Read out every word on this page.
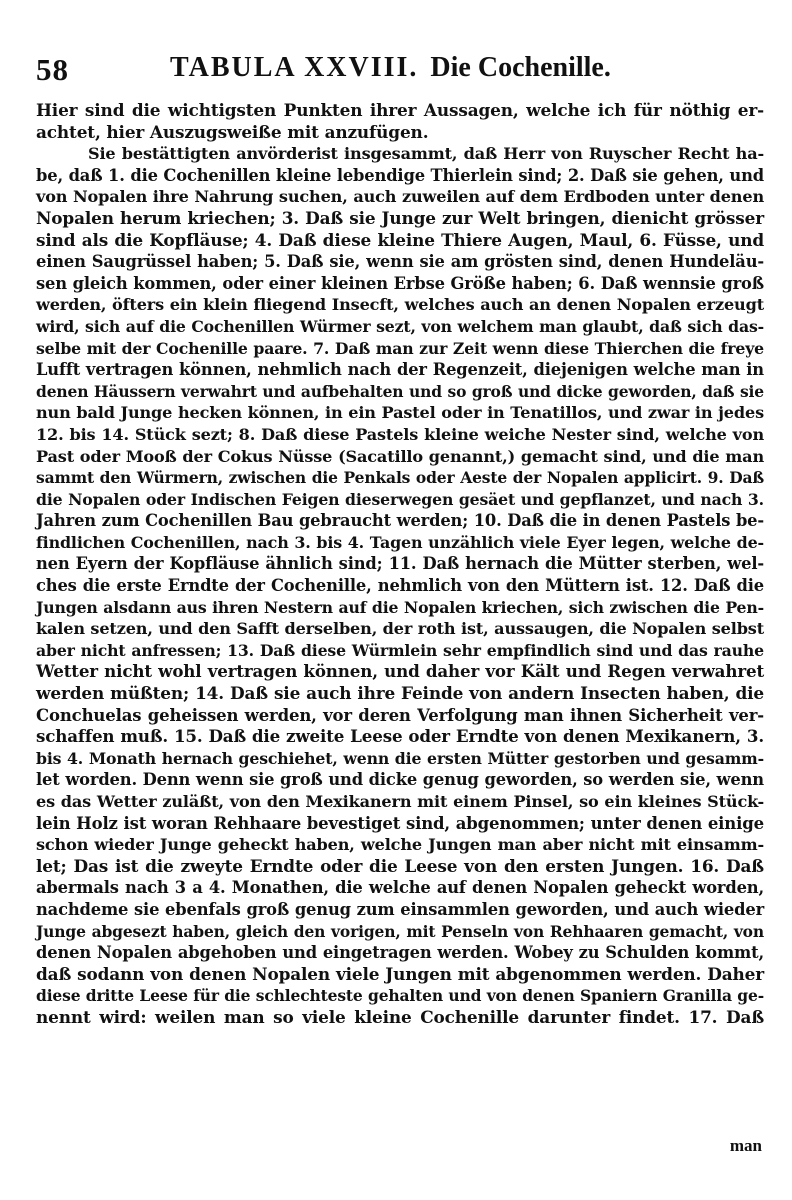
58	TABULA XXVIII. Die Cochenille.
Hier sind die wichtigsten Punkten ihrer Aussagen, welche ich für nöthig er-
achtet, hier Auszugsweiße mit anzufügen.
Sie bestättigten anvörderist insgesammt, daß Herr von Ruyscher Recht ha-
be, daß 1. die Cochenillen kleine lebendige Thierlein sind; 2. Daß sie gehen, und
von Nopalen ihre Nahrung suchen, auch zuweilen auf dem Erdboden unter denen
Nopalen herum kriechen; 3. Daß sie Junge zur Welt bringen, dienicht grösser
sind als die Kopfläuse; 4. Daß diese kleine Thiere Augen, Maul, 6. Füsse, und
einen Saugrüssel haben; 5. Daß sie, wenn sie am grösten sind, denen Hundeläu-
sen gleich kommen, oder einer kleinen Erbse Größe haben; 6. Daß wennsie groß
werden, öfters ein klein fliegend Insecft, welches auch an denen Nopalen erzeugt
wird, sich auf die Cochenillen Würmer sezt, von welchem man glaubt, daß sich das-
selbe mit der Cochenille paare. 7. Daß man zur Zeit wenn diese Thierchen die freye
Lufft vertragen können, nehmlich nach der Regenzeit, diejenigen welche man in
denen Häussern verwahrt und aufbehalten und so groß und dicke geworden, daß sie
nun bald Junge hecken können, in ein Pastel oder in Tenatillos, und zwar in jedes
12. bis 14. Stück sezt; 8. Daß diese Pastels kleine weiche Nester sind, welche von
Past oder Mooß der Cokus Nüsse (Sacatillo genannt,) gemacht sind, und die man
sammt den Würmern, zwischen die Penkals oder Aeste der Nopalen applicirt. 9. Daß
die Nopalen oder Indischen Feigen dieserwegen gesäet und gepflanzet, und nach 3.
Jahren zum Cochenillen Bau gebraucht werden; 10. Daß die in denen Pastels be-
findlichen Cochenillen, nach 3. bis 4. Tagen unzählich viele Eyer legen, welche de-
nen Eyern der Kopfläuse ähnlich sind; 11. Daß hernach die Mütter sterben, wel-
ches die erste Erndte der Cochenille, nehmlich von den Müttern ist. 12. Daß die
Jungen alsdann aus ihren Nestern auf die Nopalen kriechen, sich zwischen die Pen-
kalen setzen, und den Safft derselben, der roth ist, aussaugen, die Nopalen selbst
aber nicht anfressen; 13. Daß diese Würmlein sehr empfindlich sind und das rauhe
Wetter nicht wohl vertragen können, und daher vor Kält und Regen verwahret
werden müßten; 14. Daß sie auch ihre Feinde von andern Insecten haben, die
Conchuelas geheissen werden, vor deren Verfolgung man ihnen Sicherheit ver-
schaffen muß. 15. Daß die zweite Leese oder Erndte von denen Mexikanern, 3.
bis 4. Monath hernach geschiehet, wenn die ersten Mütter gestorben und gesamm-
let worden. Denn wenn sie groß und dicke genug geworden, so werden sie, wenn
es das Wetter zuläßt, von den Mexikanern mit einem Pinsel, so ein kleines Stück-
lein Holz ist woran Rehhaare bevestiget sind, abgenommen; unter denen einige
schon wieder Junge geheckt haben, welche Jungen man aber nicht mit einsamm-
let; Das ist die zweyte Erndte oder die Leese von den ersten Jungen. 16. Daß
abermals nach 3 a 4. Monathen, die welche auf denen Nopalen geheckt worden,
nachdeme sie ebenfals groß genug zum einsammlen geworden, und auch wieder
Junge abgesezt haben, gleich den vorigen, mit Penseln von Rehhaaren gemacht, von
denen Nopalen abgehoben und eingetragen werden. Wobey zu Schulden kommt,
daß sodann von denen Nopalen viele Jungen mit abgenommen werden. Daher
diese dritte Leese für die schlechteste gehalten und von denen Spaniern Granilla ge-
nennt wird: weilen man so viele kleine Cochenille darunter findet. 17. Daß
man
